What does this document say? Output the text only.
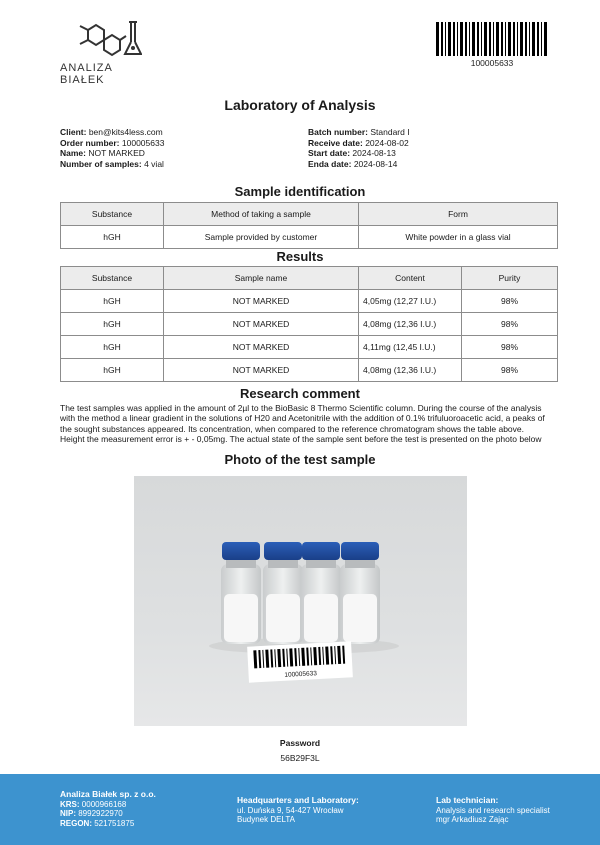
ANALIZA BIAŁEK
100005633
Laboratory of Analysis
Client: ben@kits4less.com
Order number: 100005633
Name: NOT MARKED
Number of samples: 4 vial
Batch number: Standard I
Receive date: 2024-08-02
Start date: 2024-08-13
Enda date: 2024-08-14
Sample identification
Substance	Method of taking a sample	Form
hGH	Sample provided by customer	White powder in a glass vial
Results
Substance	Sample name	Content	Purity
hGH	NOT MARKED	4,05mg (12,27 I.U.)	98%
hGH	NOT MARKED	4,08mg (12,36 I.U.)	98%
hGH	NOT MARKED	4,11mg (12,45 I.U.)	98%
hGH	NOT MARKED	4,08mg (12,36 I.U.)	98%
Research comment
The test samples was applied in the amount of 2µl to the BioBasic 8 Thermo Scientific column. During the course of the analysis with the method a linear gradient in the solutions of H20 and Acetonitrile with the addition of 0.1% trifuluoroacetic acid, a peaks of the sought substances appeared. Its concentration, when compared to the reference chromatogram shows the table above. Height the measurement error is + - 0,05mg. The actual state of the sample sent before the test is presented on the photo below
Photo of the test sample
100005633
Password
56B29F3L
Analiza Białek sp. z o.o.
KRS: 0000966168
NIP: 8992922970
REGON: 521751875
Headquarters and Laboratory:
ul. Duńska 9, 54-427 Wrocław
Budynek DELTA
Lab technician:
Analysis and research specialist
mgr Arkadiusz Zając
